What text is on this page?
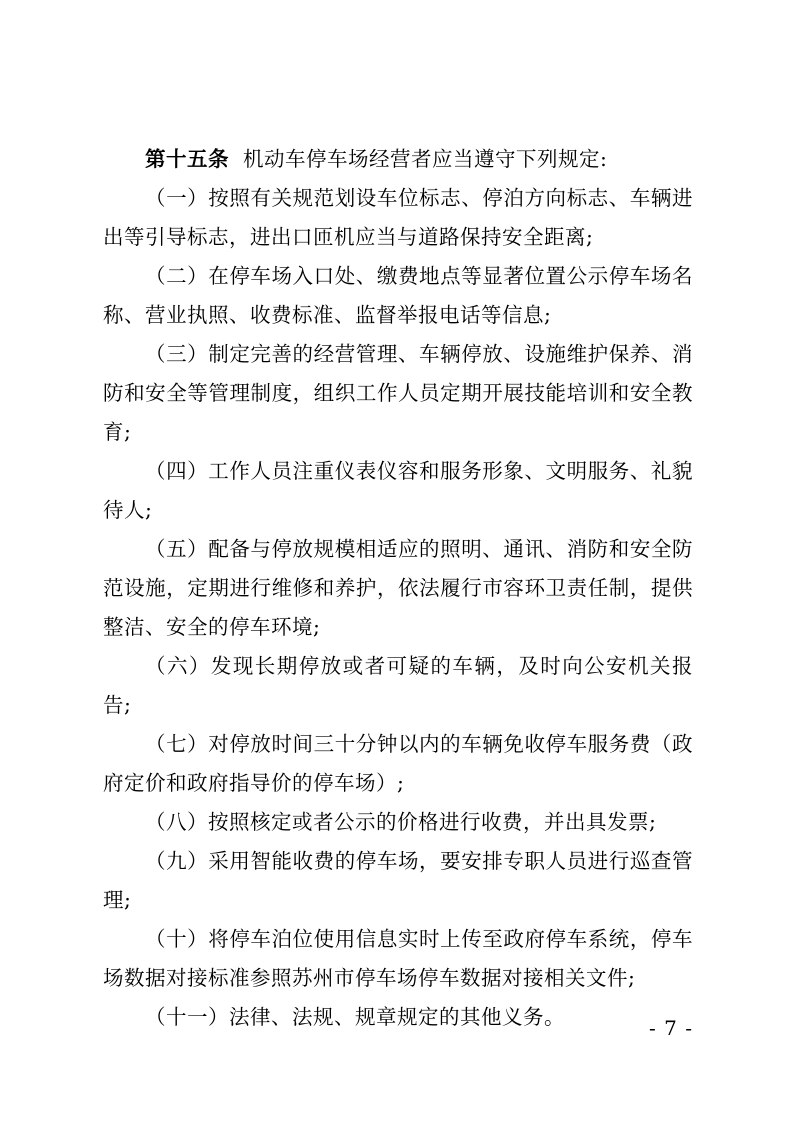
第十五条 机动车停车场经营者应当遵守下列规定:

（一）按照有关规范划设车位标志、停泊方向标志、车辆进出等引导标志，进出口匝机应当与道路保持安全距离;

（二）在停车场入口处、缴费地点等显著位置公示停车场名称、营业执照、收费标准、监督举报电话等信息;

（三）制定完善的经营管理、车辆停放、设施维护保养、消防和安全等管理制度，组织工作人员定期开展技能培训和安全教育;

（四）工作人员注重仪表仪容和服务形象、文明服务、礼貌待人;

（五）配备与停放规模相适应的照明、通讯、消防和安全防范设施，定期进行维修和养护，依法履行市容环卫责任制，提供整洁、安全的停车环境;

（六）发现长期停放或者可疑的车辆，及时向公安机关报告;

（七）对停放时间三十分钟以内的车辆免收停车服务费（政府定价和政府指导价的停车场）;

（八）按照核定或者公示的价格进行收费，并出具发票;

（九）采用智能收费的停车场，要安排专职人员进行巡查管理;

（十）将停车泊位使用信息实时上传至政府停车系统，停车场数据对接标准参照苏州市停车场停车数据对接相关文件;

（十一）法律、法规、规章规定的其他义务。	- 7 -
